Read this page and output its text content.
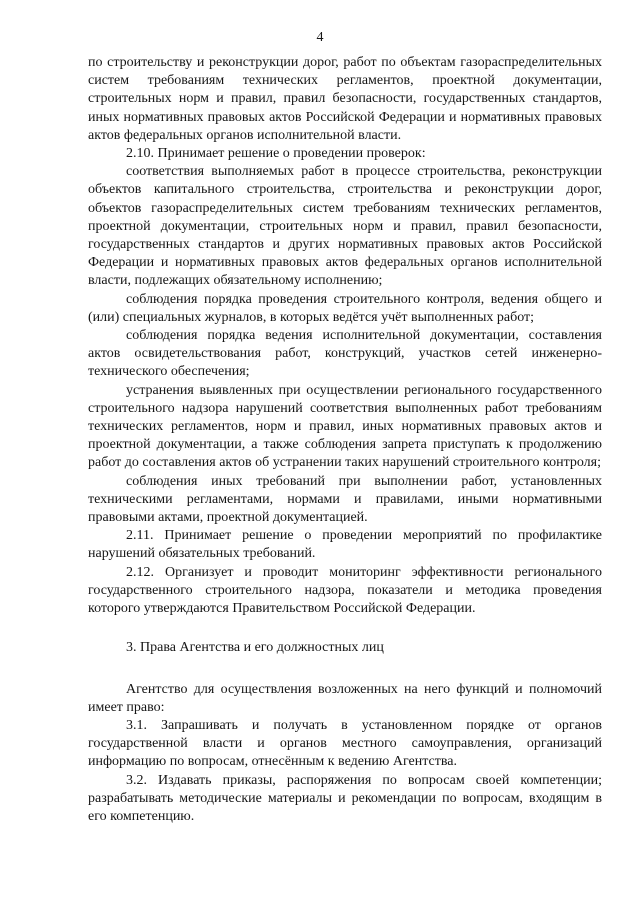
4

по строительству и реконструкции дорог, работ по объектам газораспределительных систем требованиям технических регламентов, проектной документации, строительных норм и правил, правил безопасности, государственных стандартов, иных нормативных правовых актов Российской Федерации и нормативных правовых актов федеральных органов исполнительной власти.

2.10. Принимает решение о проведении проверок:

соответствия выполняемых работ в процессе строительства, реконструкции объектов капитального строительства, строительства и реконструкции дорог, объектов газораспределительных систем требованиям технических регламентов, проектной документации, строительных норм и правил, правил безопасности, государственных стандартов и других нормативных правовых актов Российской Федерации и нормативных правовых актов федеральных органов исполнительной власти, подлежащих обязательному исполнению;

соблюдения порядка проведения строительного контроля, ведения общего и (или) специальных журналов, в которых ведётся учёт выполненных работ;

соблюдения порядка ведения исполнительной документации, составления актов освидетельствования работ, конструкций, участков сетей инженерно-технического обеспечения;

устранения выявленных при осуществлении регионального государственного строительного надзора нарушений соответствия выполненных работ требованиям технических регламентов, норм и правил, иных нормативных правовых актов и проектной документации, а также соблюдения запрета приступать к продолжению работ до составления актов об устранении таких нарушений строительного контроля;

соблюдения иных требований при выполнении работ, установленных техническими регламентами, нормами и правилами, иными нормативными правовыми актами, проектной документацией.

2.11. Принимает решение о проведении мероприятий по профилактике нарушений обязательных требований.

2.12. Организует и проводит мониторинг эффективности регионального государственного строительного надзора, показатели и методика проведения которого утверждаются Правительством Российской Федерации.

3. Права Агентства и его должностных лиц

Агентство для осуществления возложенных на него функций и полномочий имеет право:

3.1. Запрашивать и получать в установленном порядке от органов государственной власти и органов местного самоуправления, организаций информацию по вопросам, отнесённым к ведению Агентства.

3.2. Издавать приказы, распоряжения по вопросам своей компетенции; разрабатывать методические материалы и рекомендации по вопросам, входящим в его компетенцию.
